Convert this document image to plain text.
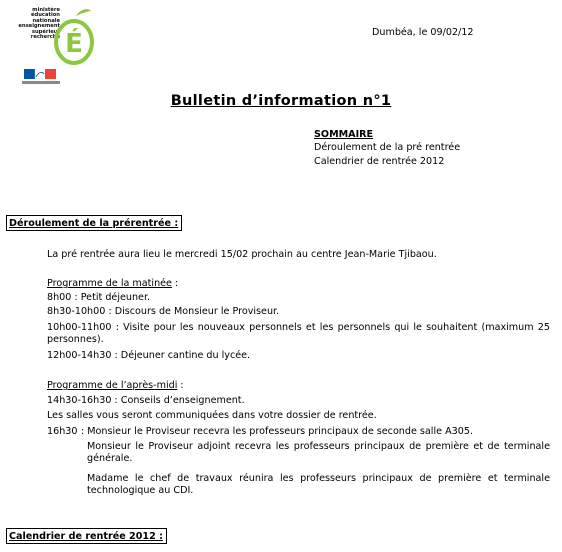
ministère
éducation
nationale
enseignement
supérieur
recherche É	Dumbéa, le 09/02/12
Bulletin d’information n°1
SOMMAIRE
Déroulement de la pré rentrée
Calendrier de rentrée 2012
Déroulement de la prérentrée :
La pré rentrée aura lieu le mercredi 15/02 prochain au centre Jean-Marie Tjibaou.
Programme de la matinée :
8h00 : Petit déjeuner.
8h30-10h00 : Discours de Monsieur le Proviseur.
10h00-11h00 : Visite pour les nouveaux personnels et les personnels qui le souhaitent (maximum 25 personnes).
12h00-14h30 : Déjeuner cantine du lycée.
Programme de l’après-midi :
14h30-16h30 : Conseils d’enseignement.
Les salles vous seront communiquées dans votre dossier de rentrée.
16h30 : Monsieur le Proviseur recevra les professeurs principaux de seconde salle A305.
Monsieur le Proviseur adjoint recevra les professeurs principaux de première et de terminale générale.
Madame le chef de travaux réunira les professeurs principaux de première et terminale technologique au CDI.
Calendrier de rentrée 2012 :
